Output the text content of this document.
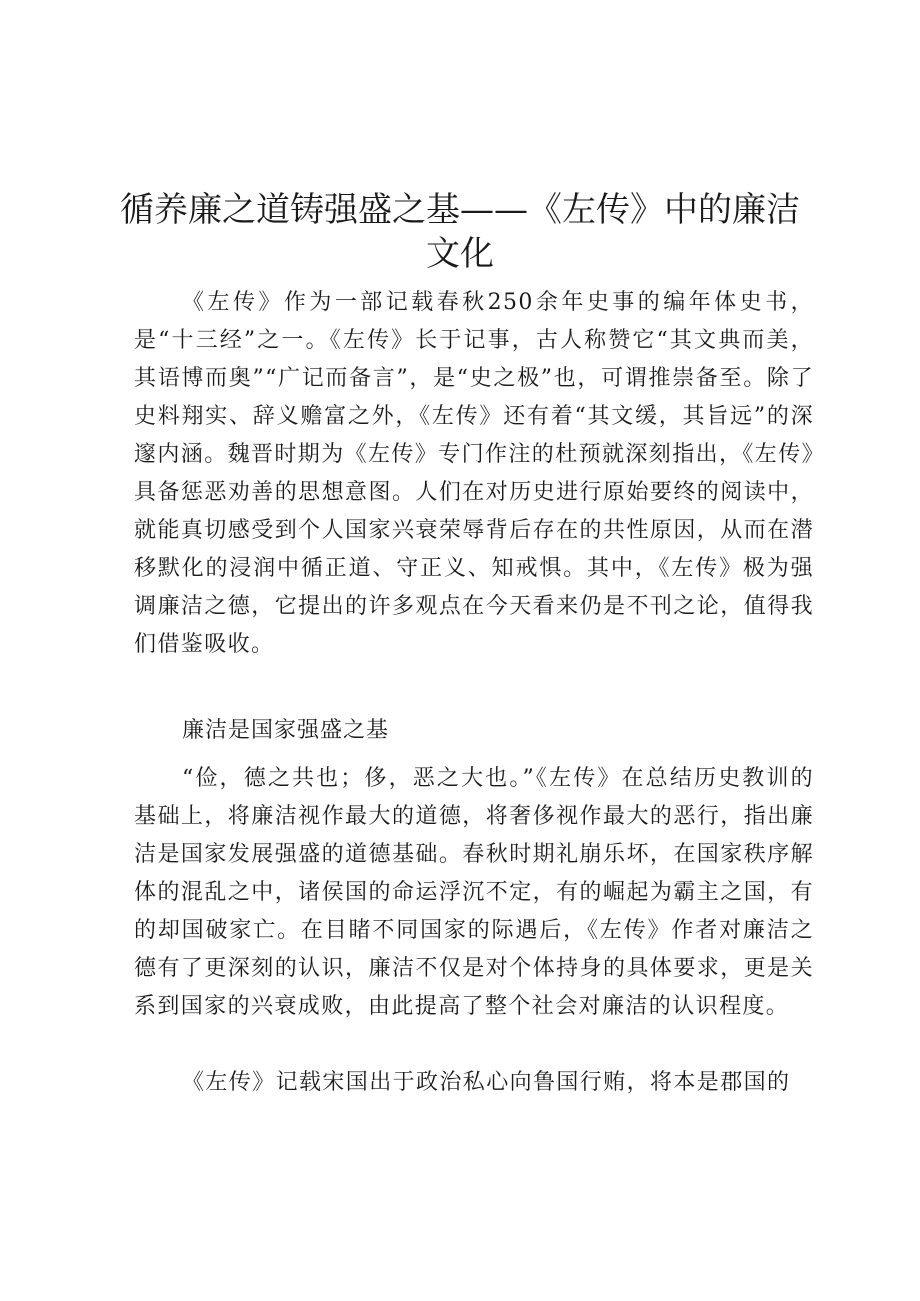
循养廉之道铸强盛之基——《左传》中的廉洁
文化

《左传》作为一部记载春秋250余年史事的编年体史书，是“十三经”之一。《左传》长于记事，古人称赞它“其文典而美，其语博而奥”“广记而备言”，是“史之极”也，可谓推崇备至。除了史料翔实、辞义赡富之外，《左传》还有着“其文缓，其旨远”的深邃内涵。魏晋时期为《左传》专门作注的杜预就深刻指出，《左传》具备惩恶劝善的思想意图。人们在对历史进行原始要终的阅读中，就能真切感受到个人国家兴衰荣辱背后存在的共性原因，从而在潜移默化的浸润中循正道、守正义、知戒惧。其中，《左传》极为强调廉洁之德，它提出的许多观点在今天看来仍是不刊之论，值得我们借鉴吸收。

廉洁是国家强盛之基

“俭，德之共也；侈，恶之大也。”《左传》在总结历史教训的基础上，将廉洁视作最大的道德，将奢侈视作最大的恶行，指出廉洁是国家发展强盛的道德基础。春秋时期礼崩乐坏，在国家秩序解体的混乱之中，诸侯国的命运浮沉不定，有的崛起为霸主之国，有的却国破家亡。在目睹不同国家的际遇后，《左传》作者对廉洁之德有了更深刻的认识，廉洁不仅是对个体持身的具体要求，更是关系到国家的兴衰成败，由此提高了整个社会对廉洁的认识程度。

《左传》记载宋国出于政治私心向鲁国行贿，将本是郡国的
